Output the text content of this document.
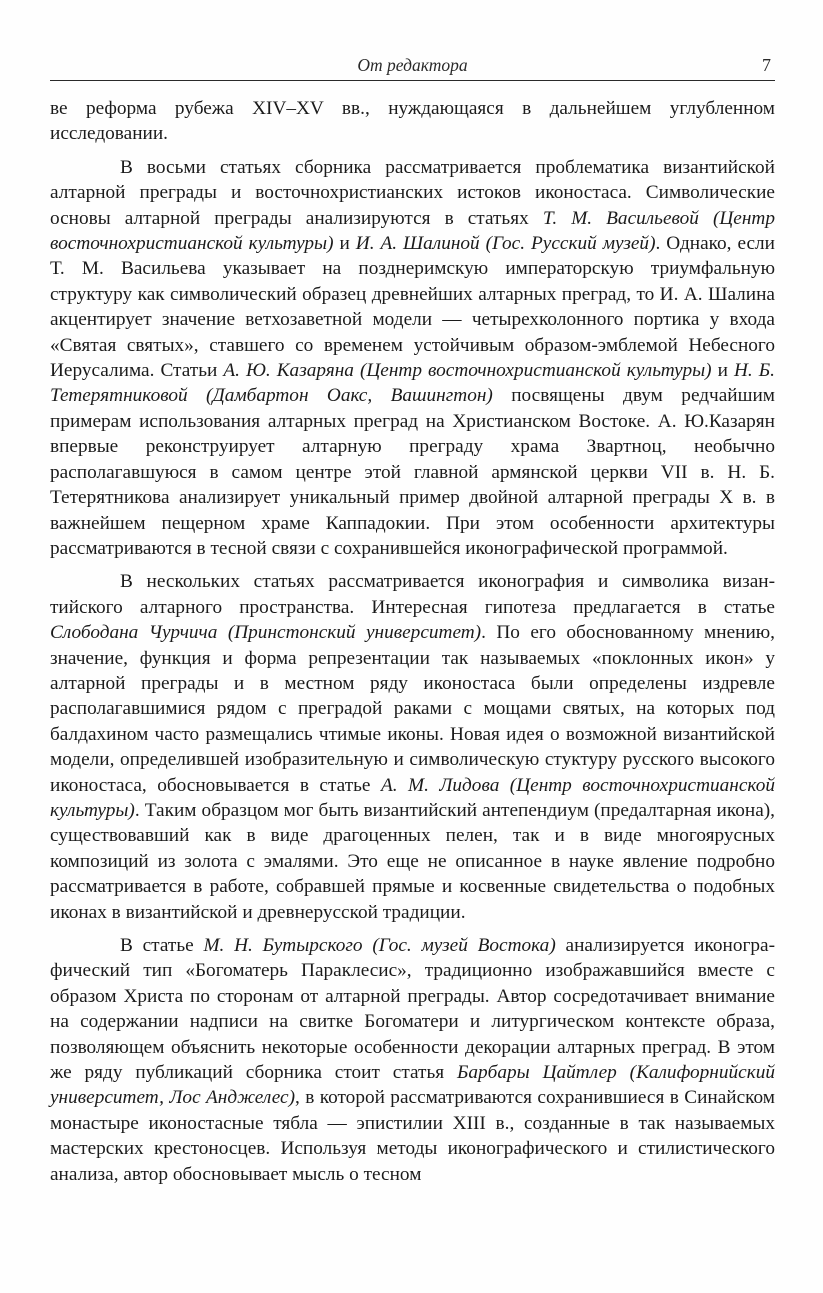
От редактора	7

ве реформа рубежа XIV–XV вв., нуждающаяся в дальнейшем углубленном исследовании.

В восьми статьях сборника рассматривается проблематика византийской алтарной преграды и восточнохристианских истоков иконостаса. Символические основы алтарной преграды анализируются в статьях Т. М. Васильевой (Центр восточнохристианской культуры) и И. А. Шалиной (Гос. Русский музей). Однако, если Т. М. Васильева указывает на позднеримскую императорскую триумфальную структуру как символический образец древнейших алтарных преград, то И. А. Шалина акцентирует значение ветхозаветной модели — четырехколонного портика у входа «Святая святых», ставшего со временем устойчивым образом-эмблемой Небесного Иерусалима. Статьи А. Ю. Казаряна (Центр восточнохристианской культуры) и Н. Б. Тетерятниковой (Дамбартон Оакс, Вашингтон) посвящены двум редчайшим примерам использования алтарных преград на Христианском Востоке. А. Ю.Казарян впервые реконструирует алтарную преграду храма Звартноц, необычно располагавшуюся в самом центре этой главной армянской церкви VII в. Н. Б. Тетерятникова анализирует уникальный пример двойной алтарной преграды X в. в важнейшем пещерном храме Каппадокии. При этом особенности архитектуры рассматриваются в тесной связи с сохранившейся иконографической программой.

В нескольких статьях рассматривается иконография и символика византийского алтарного пространства. Интересная гипотеза предлагается в статье Слободана Чурчича (Принстонский университет). По его обоснованному мнению, значение, функция и форма репрезентации так называемых «поклонных икон» у алтарной преграды и в местном ряду иконостаса были определены издревле располагавшимися рядом с преградой раками с мощами святых, на которых под балдахином часто размещались чтимые иконы. Новая идея о возможной византийской модели, определившей изобразительную и символическую стуктуру русского высокого иконостаса, обосновывается в статье А. М. Лидова (Центр восточнохристианской культуры). Таким образцом мог быть византийский антепендиум (предалтарная икона), существовавший как в виде драгоценных пелен, так и в виде многоярусных композиций из золота с эмалями. Это еще не описанное в науке явление подробно рассматривается в работе, собравшей прямые и косвенные свидетельства о подобных иконах в византийской и древнерусской традиции.

В статье М. Н. Бутырского (Гос. музей Востока) анализируется иконографический тип «Богоматерь Параклесис», традиционно изображавшийся вместе с образом Христа по сторонам от алтарной преграды. Автор сосредотачивает внимание на содержании надписи на свитке Богоматери и литургическом контексте образа, позволяющем объяснить некоторые особенности декорации алтарных преград. В этом же ряду публикаций сборника стоит статья Барбары Цайтлер (Калифорнийский университет, Лос Анджелес), в которой рассматриваются сохранившиеся в Синайском монастыре иконостасные тябла — эпистилии XIII в., созданные в так называемых мастерских крестоносцев. Используя методы иконографического и стилистического анализа, автор обосновывает мысль о тесном
